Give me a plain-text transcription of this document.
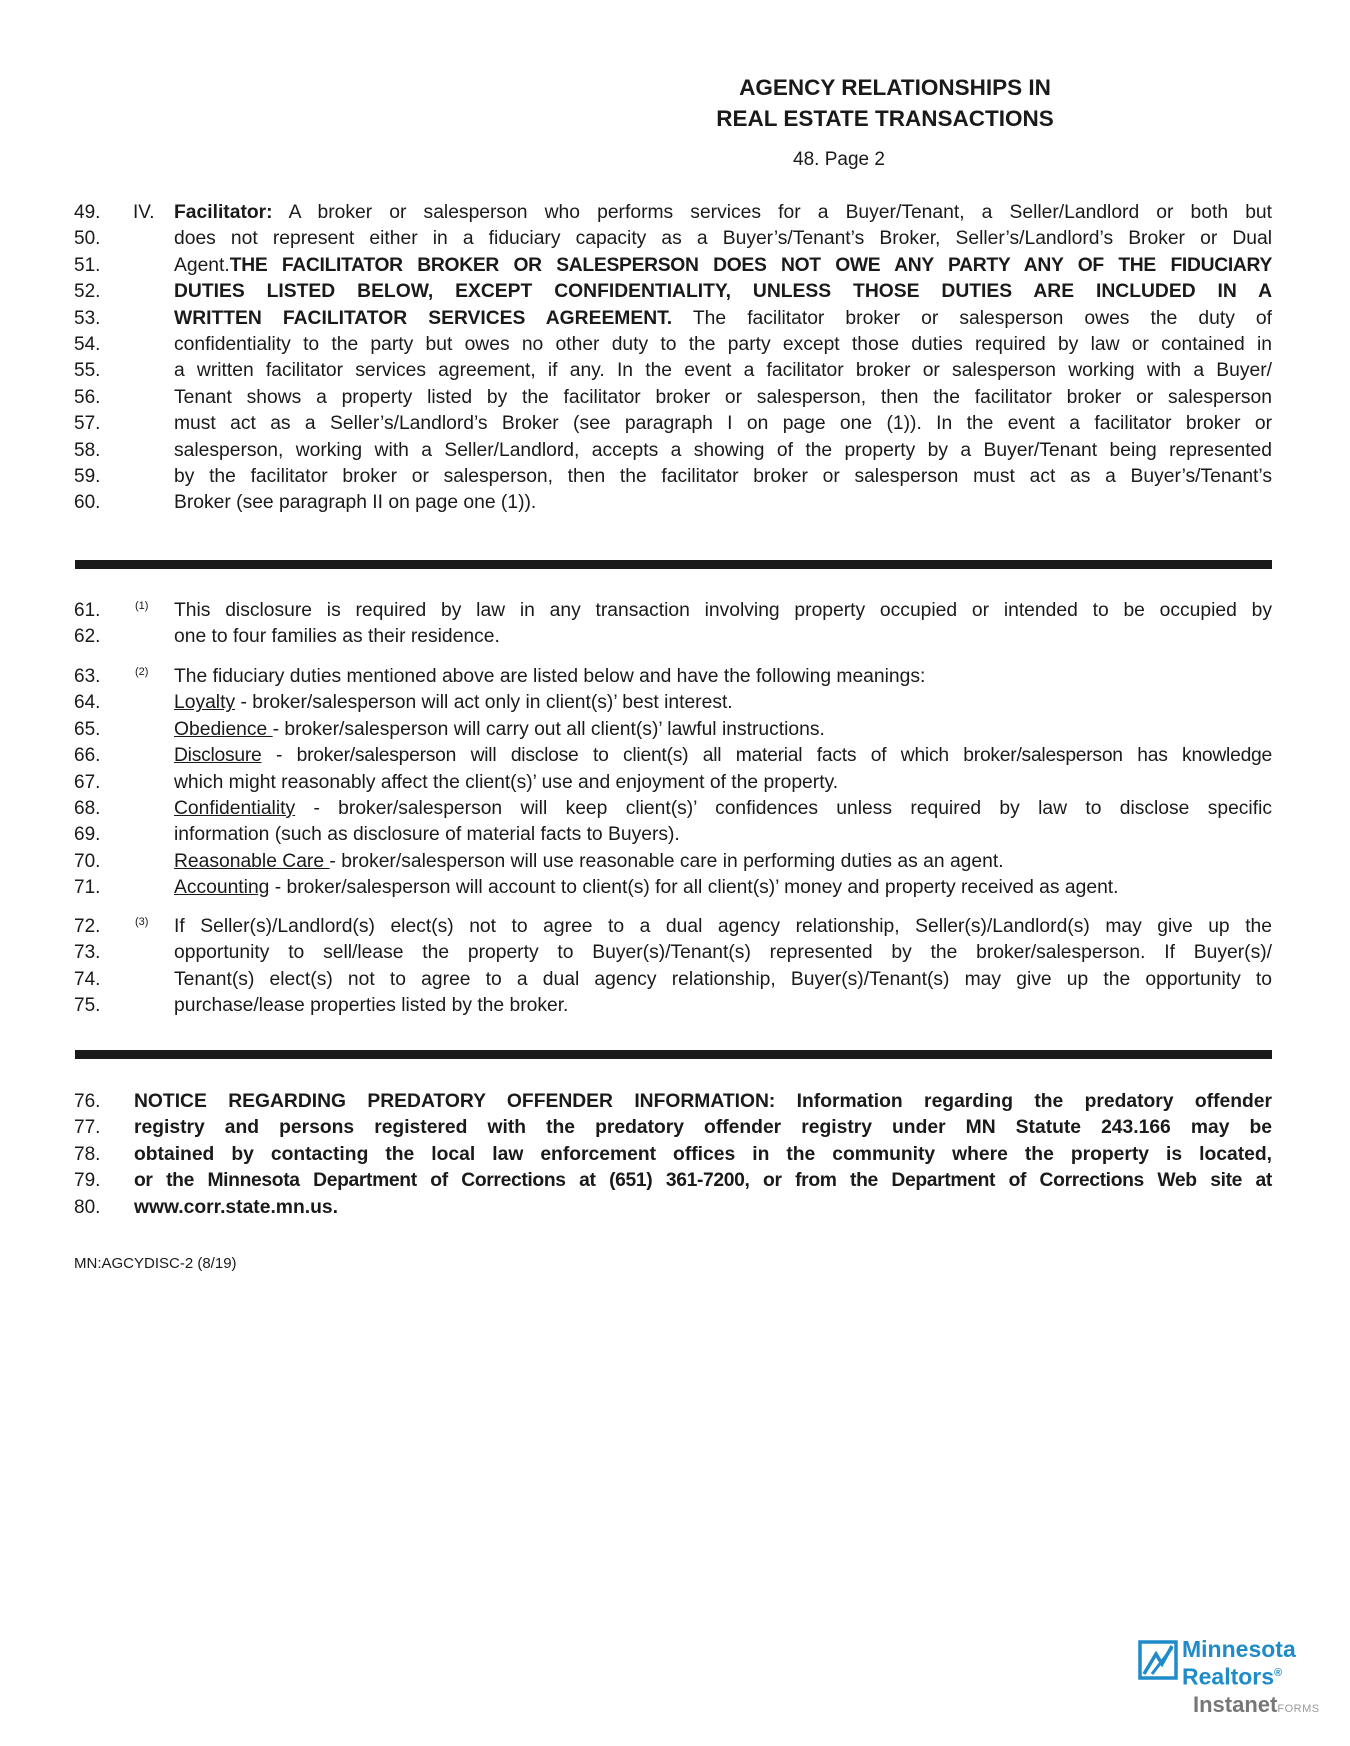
AGENCY RELATIONSHIPS IN
REAL ESTATE TRANSACTIONS
48. Page 2
49.
50.
51.
52.
53.
54.
55.
56.
57.
58.
59.
60.
IV. Facilitator: A broker or salesperson who performs services for a Buyer/Tenant, a Seller/Landlord or both but
does not represent either in a fiduciary capacity as a Buyer’s/Tenant’s Broker, Seller’s/Landlord’s Broker or Dual
Agent.THE FACILITATOR BROKER OR SALESPERSON DOES NOT OWE ANY PARTY ANY OF THE FIDUCIARY
DUTIES LISTED BELOW, EXCEPT CONFIDENTIALITY, UNLESS THOSE DUTIES ARE INCLUDED IN A
WRITTEN FACILITATOR SERVICES AGREEMENT. The facilitator broker or salesperson owes the duty of
confidentiality to the party but owes no other duty to the party except those duties required by law or contained in
a written facilitator services agreement, if any. In the event a facilitator broker or salesperson working with a Buyer/
Tenant shows a property listed by the facilitator broker or salesperson, then the facilitator broker or salesperson
must act as a Seller’s/Landlord’s Broker (see paragraph I on page one (1)). In the event a facilitator broker or
salesperson, working with a Seller/Landlord, accepts a showing of the property by a Buyer/Tenant being represented
by the facilitator broker or salesperson, then the facilitator broker or salesperson must act as a Buyer’s/Tenant’s
Broker (see paragraph II on page one (1)).
61.
62.
(1) This disclosure is required by law in any transaction involving property occupied or intended to be occupied by
one to four families as their residence.
63.
64.
65.
66.
67.
68.
69.
70.
71.
(2) The fiduciary duties mentioned above are listed below and have the following meanings:
Loyalty - broker/salesperson will act only in client(s)’ best interest.
Obedience - broker/salesperson will carry out all client(s)’ lawful instructions.
Disclosure - broker/salesperson will disclose to client(s) all material facts of which broker/salesperson has knowledge
which might reasonably affect the client(s)’ use and enjoyment of the property.
Confidentiality - broker/salesperson will keep client(s)’ confidences unless required by law to disclose specific
information (such as disclosure of material facts to Buyers).
Reasonable Care - broker/salesperson will use reasonable care in performing duties as an agent.
Accounting - broker/salesperson will account to client(s) for all client(s)’ money and property received as agent.
72.
73.
74.
75.
(3) If Seller(s)/Landlord(s) elect(s) not to agree to a dual agency relationship, Seller(s)/Landlord(s) may give up the
opportunity to sell/lease the property to Buyer(s)/Tenant(s) represented by the broker/salesperson. If Buyer(s)/
Tenant(s) elect(s) not to agree to a dual agency relationship, Buyer(s)/Tenant(s) may give up the opportunity to
purchase/lease properties listed by the broker.
76.
77.
78.
79.
80.
NOTICE REGARDING PREDATORY OFFENDER INFORMATION: Information regarding the predatory offender
registry and persons registered with the predatory offender registry under MN Statute 243.166 may be
obtained by contacting the local law enforcement offices in the community where the property is located,
or the Minnesota Department of Corrections at (651) 361-7200, or from the Department of Corrections Web site at
www.corr.state.mn.us.
MN:AGCYDISC-2 (8/19)
Minnesota
Realtors®
InstanetFORMS
